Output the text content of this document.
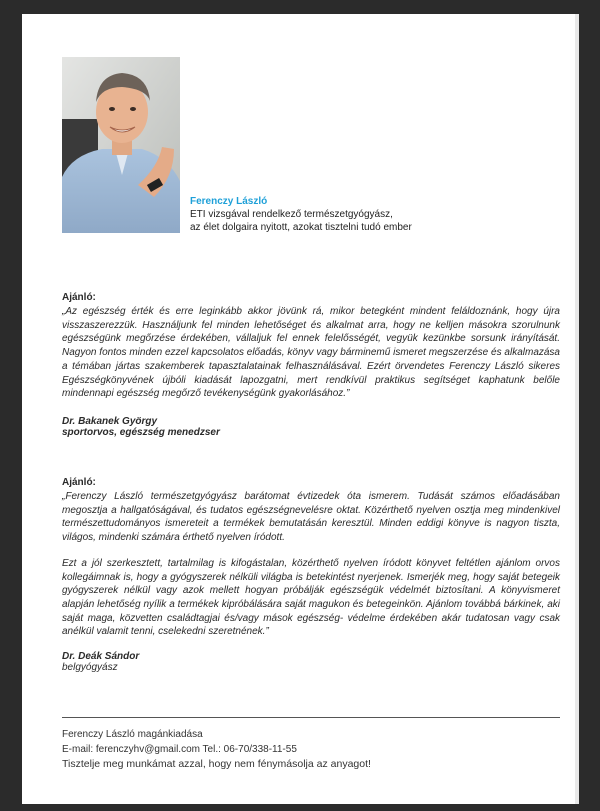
Ferenczy László
ETI vizsgával rendelkező természetgyógyász,
az élet dolgaira nyitott, azokat tisztelni tudó ember
Ajánló:

„Az egészség érték és erre leginkább akkor jövünk rá, mikor betegként mindent feláldoznánk, hogy újra visszaszerezzük. Használjunk fel minden lehetőséget és alkalmat arra, hogy ne kelljen másokra szorulnunk egészségünk megőrzése érdekében, vállaljuk fel ennek felelősségét, vegyük kezünkbe sorsunk irányítását. Nagyon fontos minden ezzel kapcsolatos előadás, könyv vagy bárminemű ismeret megszerzése és alkalmazása a témában jártas szakemberek tapasztalatainak felhasználásával. Ezért örvendetes Ferenczy László sikeres Egészségkönyvének újbóli kiadását lapozgatni, mert rendkívül praktikus segítséget kaphatunk belőle mindennapi egészség megőrző tevékenységünk gyakorlásához.”

Dr. Bakanek György
sportorvos, egészség menedzser
Ajánló:

„Ferenczy László természetgyógyász barátomat évtizedek óta ismerem. Tudását számos előadásában megosztja a hallgatóságával, és tudatos egészségnevelésre oktat. Közérthető nyelven osztja meg mindenkivel természettudományos ismereteit a termékek bemutatásán keresztül. Minden eddigi könyve is nagyon tiszta, világos, mindenki számára érthető nyelven íródott.

Ezt a jól szerkesztett, tartalmilag is kifogástalan, közérthető nyelven íródott könyvet feltétlen ajánlom orvos kollegáimnak is, hogy a gyógyszerek nélküli világba is betekintést nyerjenek. Ismerjék meg, hogy saját betegeik gyógyszerek nélkül vagy azok mellett hogyan próbálják egészségük védelmét biztosítani. A könyvismeret alapján lehetőség nyílik a termékek kipróbálására saját magukon és betegeinkön. Ajánlom továbbá bárkinek, aki saját maga, közvetten családtagjai és/vagy mások egészség- védelme érdekében akár tudatosan vagy csak anélkül valamit tenni, cselekedni szeretnének.”

Dr. Deák Sándor
belgyógyász
Ferenczy László magánkiadása
E-mail: ferenczyhv@gmail.com Tel.: 06-70/338-11-55
Tisztelje meg munkámat azzal, hogy nem fénymásolja az anyagot!
